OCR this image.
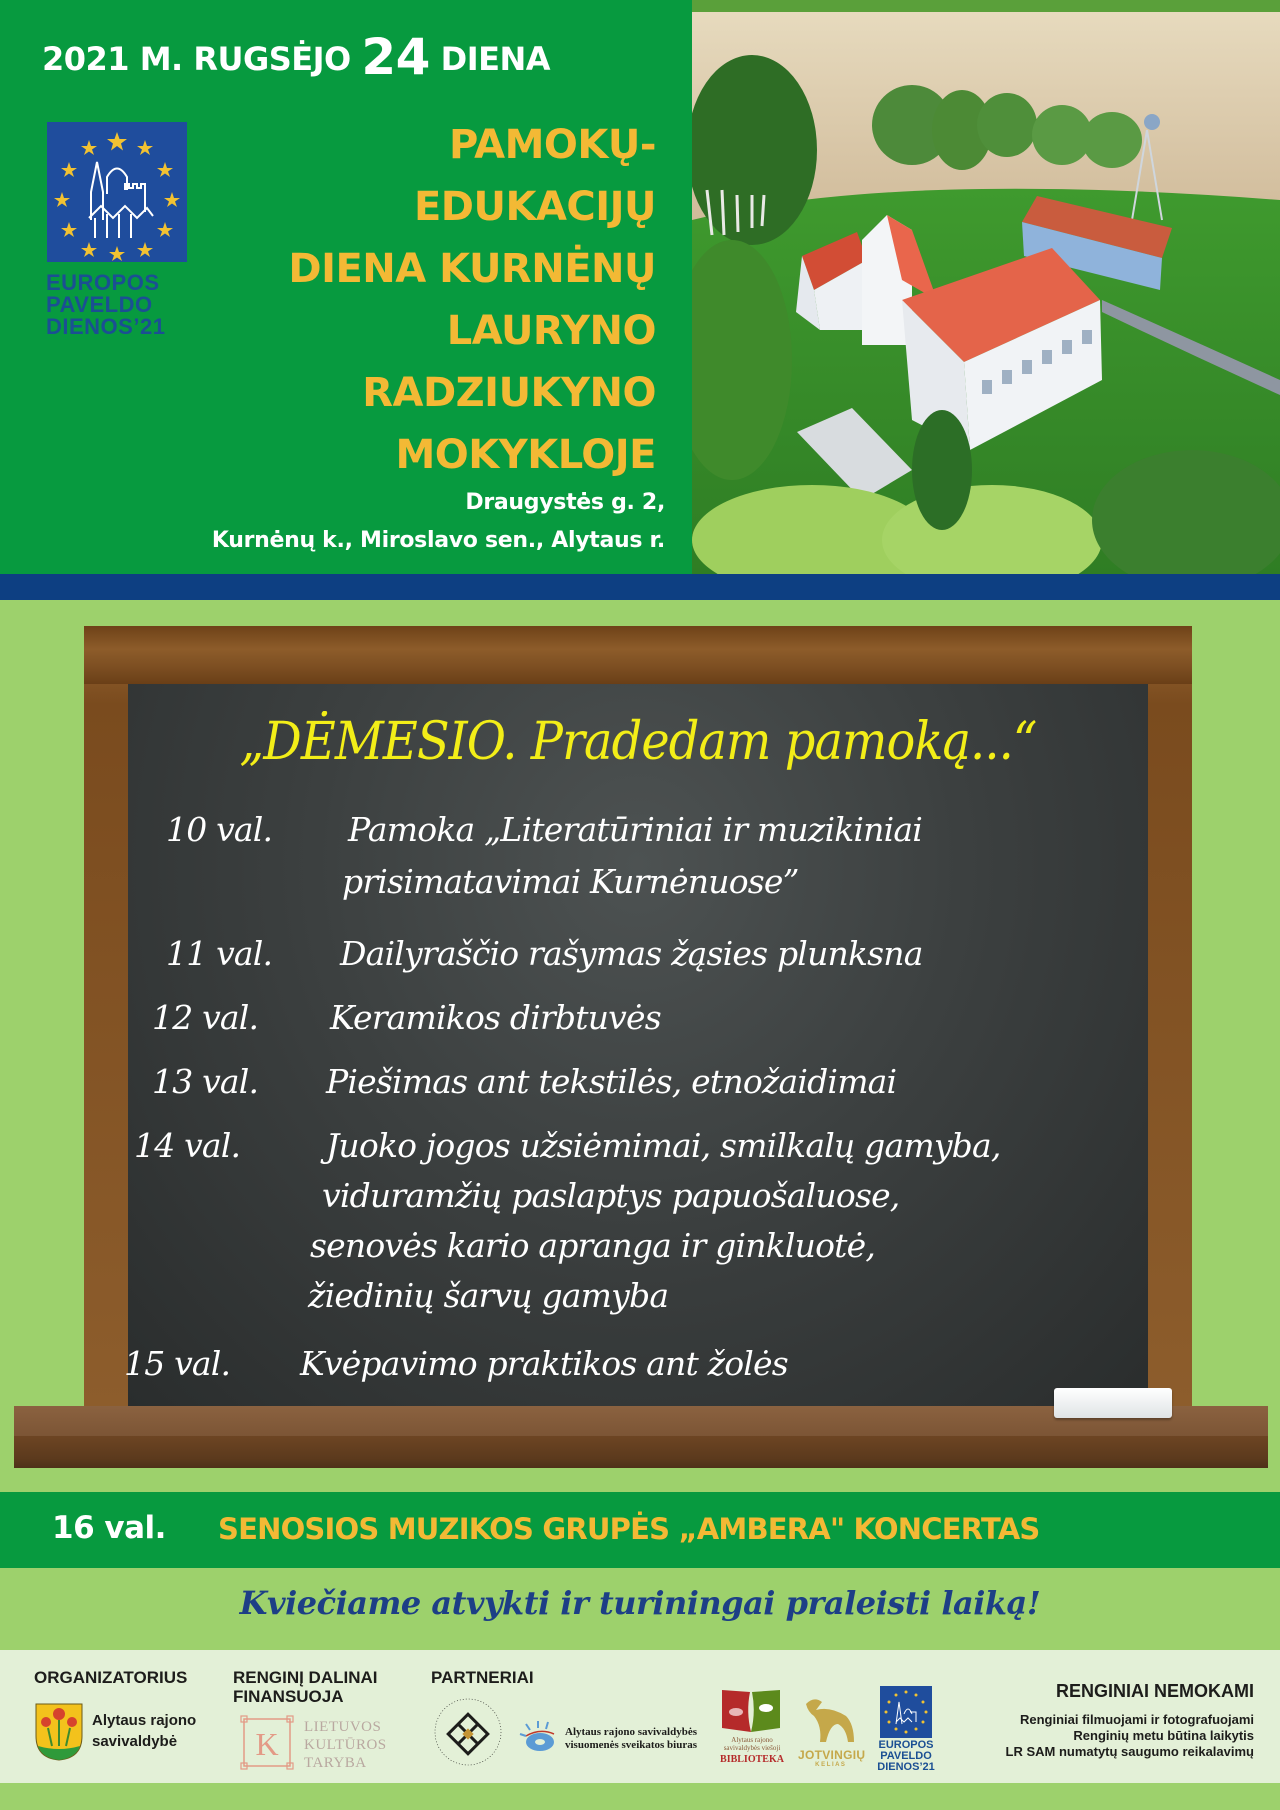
2021 M. RUGSĖJO 24 DIENA
EUROPOS
PAVELDO
DIENOS’21
PAMOKŲ-
EDUKACIJŲ
DIENA KURNĖNŲ
LAURYNO
RADZIUKYNO
MOKYKLOJE
Draugystės g. 2,
Kurnėnų k., Miroslavo sen., Alytaus r.
„DĖMESIO. Pradedam pamoką...“
10 val. Pamoka „Literatūriniai ir muzikiniai
prisimatavimai Kurnėnuose”
11 val. Dailyraščio rašymas žąsies plunksna
12 val. Keramikos dirbtuvės
13 val. Piešimas ant tekstilės, etnožaidimai
14 val.	Juoko jogos užsiėmimai, smilkalų gamyba,
viduramžių paslaptys papuošaluose,
senovės kario apranga ir ginkluotė,
žiedinių šarvų gamyba
15 val. Kvėpavimo praktikos ant žolės
16 val. SENOSIOS MUZIKOS GRUPĖS „AMBERA" KONCERTAS
Kviečiame atvykti ir turiningai praleisti laiką!
ORGANIZATORIUS
Alytaus rajono
savivaldybė
RENGINĮ DALINAI
FINANSUOJA
K LIETUVOS
KULTŪROS
TARYBA
PARTNERIAI
Alytaus rajono savivaldybės
visuomenės sveikatos biuras	Alytaus rajono
savivaldybės viešoji
BIBLIOTEKA	JOTVINGIŲ
K E L I A S
EUROPOS
PAVELDO
DIENOS’21
RENGINIAI NEMOKAMI
Renginiai filmuojami ir fotografuojami
Renginių metu būtina laikytis
LR SAM numatytų saugumo reikalavimų
